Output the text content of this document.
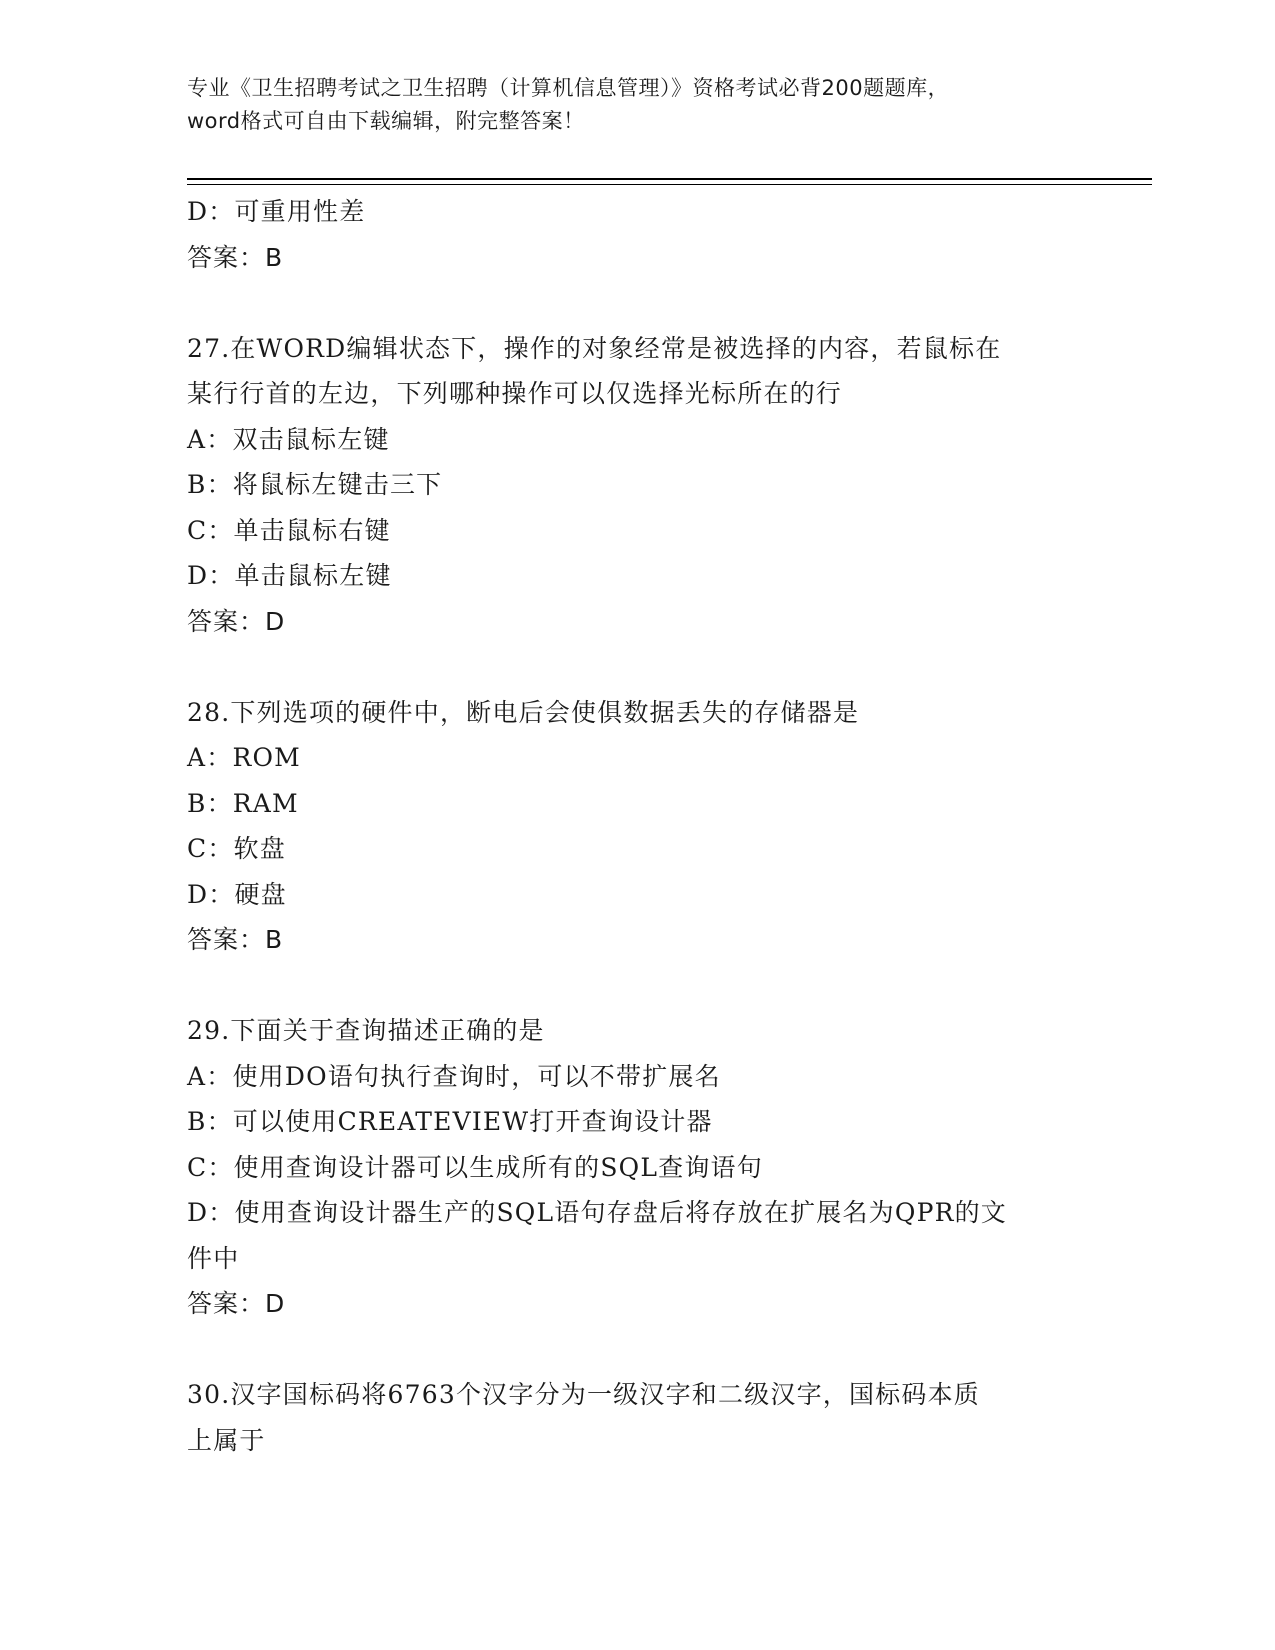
专业《卫生招聘考试之卫生招聘（计算机信息管理）》资格考试必背200题题库，
word格式可自由下载编辑，附完整答案！
D：可重用性差
答案：B
27.在WORD编辑状态下，操作的对象经常是被选择的内容，若鼠标在
某行行首的左边，下列哪种操作可以仅选择光标所在的行
A：双击鼠标左键
B：将鼠标左键击三下
C：单击鼠标右键
D：单击鼠标左键
答案：D
28.下列选项的硬件中，断电后会使俱数据丢失的存储器是
A：ROM
B：RAM
C：软盘
D：硬盘
答案：B
29.下面关于查询描述正确的是
A：使用DO语句执行查询时，可以不带扩展名
B：可以使用CREATEVIEW打开查询设计器
C：使用查询设计器可以生成所有的SQL查询语句
D：使用查询设计器生产的SQL语句存盘后将存放在扩展名为QPR的文
件中
答案：D
30.汉字国标码将6763个汉字分为一级汉字和二级汉字，国标码本质
上属于
